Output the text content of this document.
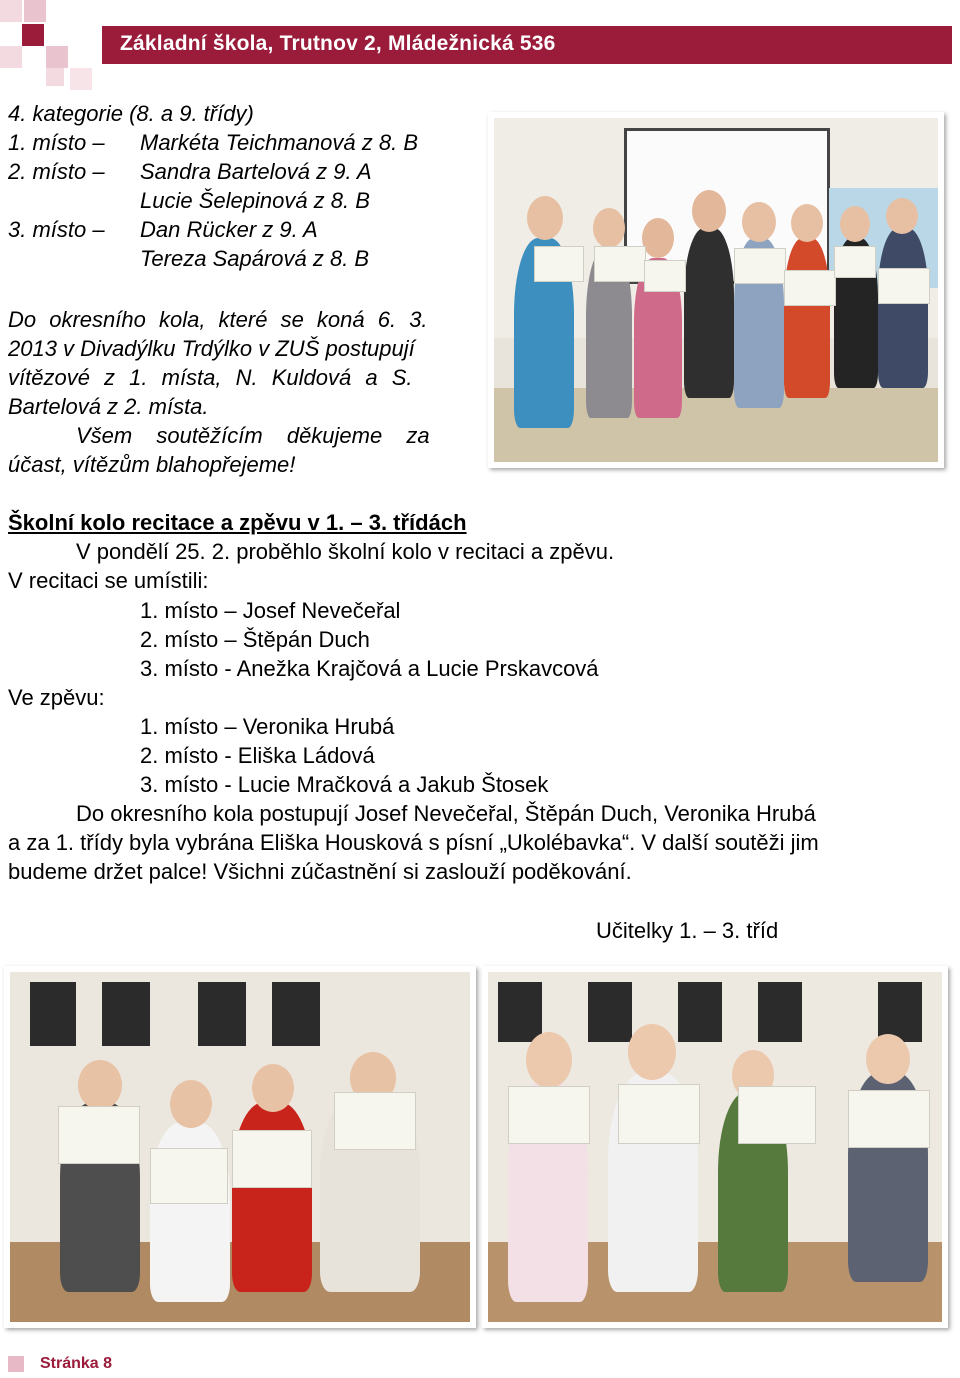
Základní škola, Trutnov 2, Mládežnická 536
4. kategorie (8. a 9. třídy)
1. místo – Markéta Teichmanová z 8. B
2. místo – Sandra Bartelová z 9. A
Lucie Šelepinová z 8. B
3. místo – Dan Rücker z 9. A
Tereza Sapárová z 8. B
Do okresního kola, které se koná 6. 3.
2013 v Divadýlku Trdýlko v ZUŠ postupují
vítězové z 1. místa, N. Kuldová a S.
Bartelová z 2. místa.
Všem soutěžícím děkujeme za
účast, vítězům blahopřejeme!
Školní kolo recitace a zpěvu v 1. – 3. třídách
V pondělí 25. 2. proběhlo školní kolo v recitaci a zpěvu.
V recitaci se umístili:
1. místo – Josef Nevečeřal
2. místo – Štěpán Duch
3. místo - Anežka Krajčová a Lucie Prskavcová
Ve zpěvu:
1. místo – Veronika Hrubá
2. místo - Eliška Ládová
3. místo - Lucie Mračková a Jakub Štosek
Do okresního kola postupují Josef Nevečeřal, Štěpán Duch, Veronika Hrubá
a za 1. třídy byla vybrána Eliška Housková s písní „Ukolébavka“. V další soutěži jim
budeme držet palce! Všichni zúčastnění si zaslouží poděkování.
Učitelky 1. – 3. tříd
Stránka 8
